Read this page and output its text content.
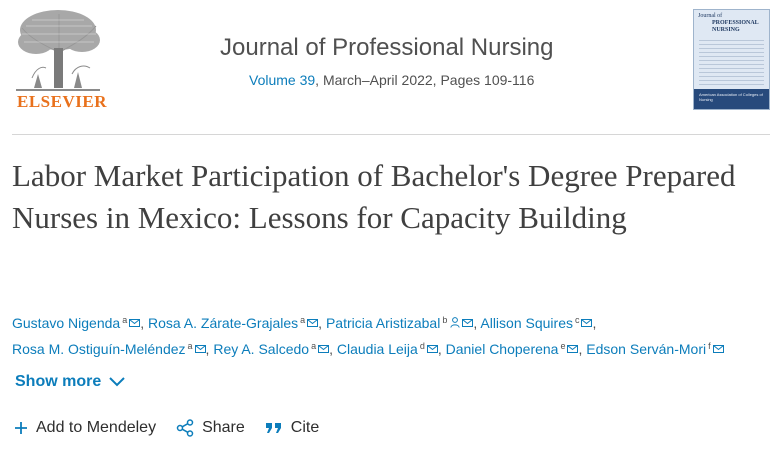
ELSEVIER
Journal of Professional Nursing
Volume 39, March–April 2022, Pages 109-116
Journal of
PROFESSIONAL NURSING
American Association of Colleges of Nursing
Labor Market Participation of Bachelor's Degree Prepared Nurses in Mexico: Lessons for Capacity Building
Gustavo Nigenda $^a$ , Rosa A. Zárate-Grajales $^a$ , Patricia Aristizabal $^b$ , Allison Squires $^c$ , Rosa M. Ostiguín-Meléndez $^a$ , Rey A. Salcedo $^a$ , Claudia Leija $^d$ , Daniel Choperena $^e$ , Edson Serván-Mori $^f$
Show more
Add to Mendeley	Share	Cite
